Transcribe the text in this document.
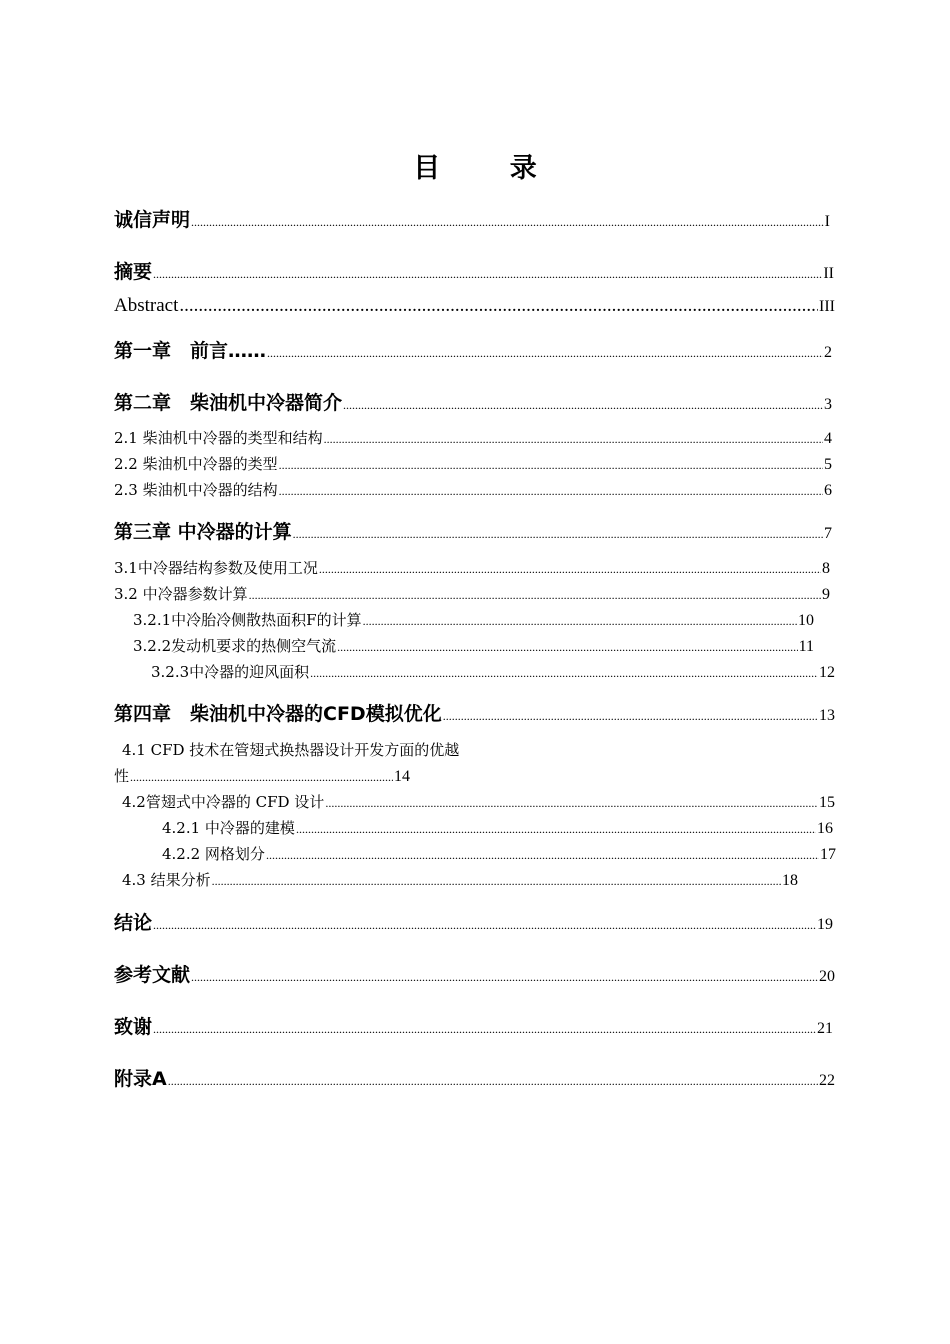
目 录
诚信声明 .....	I
摘要 .....	II
Abstract .....	III
第一章　前言…… .....	2
第二章　柴油机中冷器简介 .....	3
2.1 柴油机中冷器的类型和结构 .....	4
2.2 柴油机中冷器的类型 .....	5
2.3 柴油机中冷器的结构 .....	6
第三章 中冷器的计算 .....	7
3.1中冷器结构参数及使用工况 .....	8
3.2 中冷器参数计算 .....	9
3.2.1中冷胎冷侧散热面积F的计算 .....	10
3.2.2发动机要求的热侧空气流 .....	11
3.2.3中冷器的迎风面积 .....	12
第四章　柴油机中冷器的CFD模拟优化 .....	13
4.1 CFD 技术在管翅式换热器设计开发方面的优越
性 .....	14
4.2管翅式中冷器的 CFD 设计 .....	15
4.2.1 中冷器的建模 .....	16
4.2.2 网格划分 .....	17
4.3 结果分析 .....	18
结论 .....	19
参考文献 .....	20
致谢 .....	21
附录A .....	22
